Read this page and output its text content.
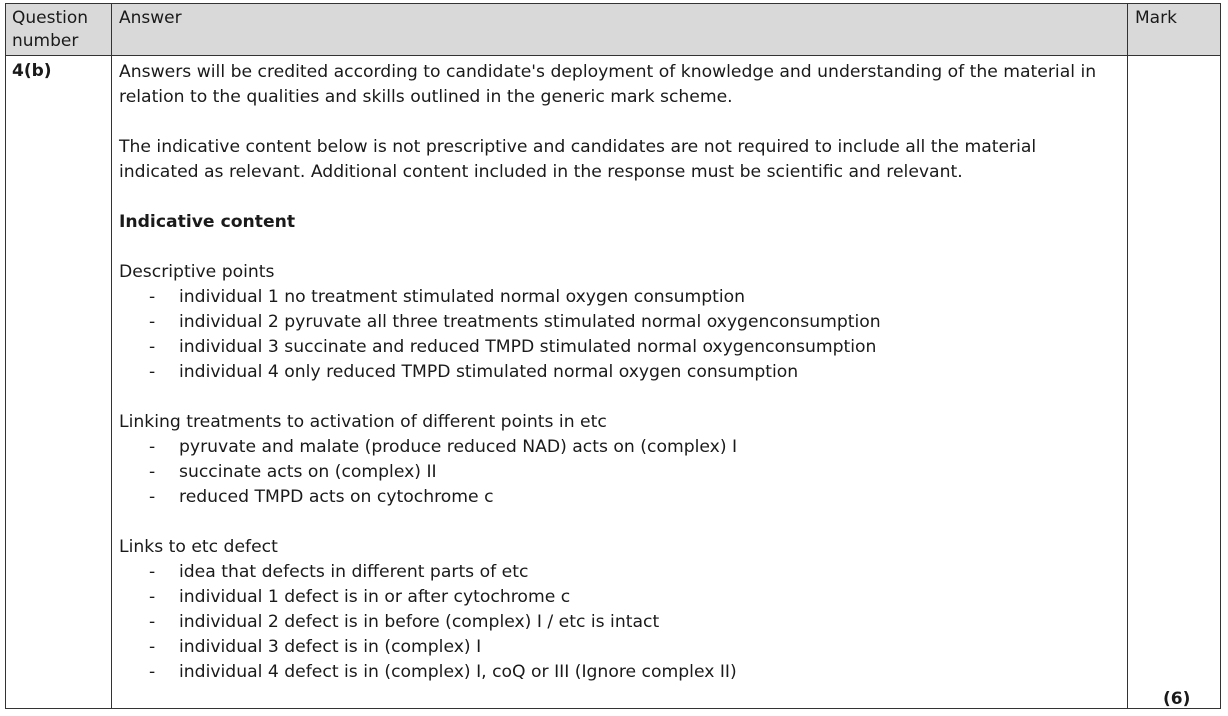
Question number
Answer	Mark
4(b)	Answers will be credited according to candidate's deployment of knowledge and understanding of the material in relation to the qualities and skills outlined in the generic mark scheme.

The indicative content below is not prescriptive and candidates are not required to include all the material indicated as relevant. Additional content included in the response must be scientific and relevant.

Indicative content

Descriptive points

- individual 1 no treatment stimulated normal oxygen consumption
- individual 2 pyruvate all three treatments stimulated normal oxygenconsumption
- individual 3 succinate and reduced TMPD stimulated normal oxygenconsumption
- individual 4 only reduced TMPD stimulated normal oxygen consumption

Linking treatments to activation of different points in etc

- pyruvate and malate (produce reduced NAD) acts on (complex) I
- succinate acts on (complex) II
- reduced TMPD acts on cytochrome c

Links to etc defect

- idea that defects in different parts of etc
- individual 1 defect is in or after cytochrome c
- individual 2 defect is in before (complex) I / etc is intact
- individual 3 defect is in (complex) I
- individual 4 defect is in (complex) I, coQ or III (Ignore complex II)
(6)
